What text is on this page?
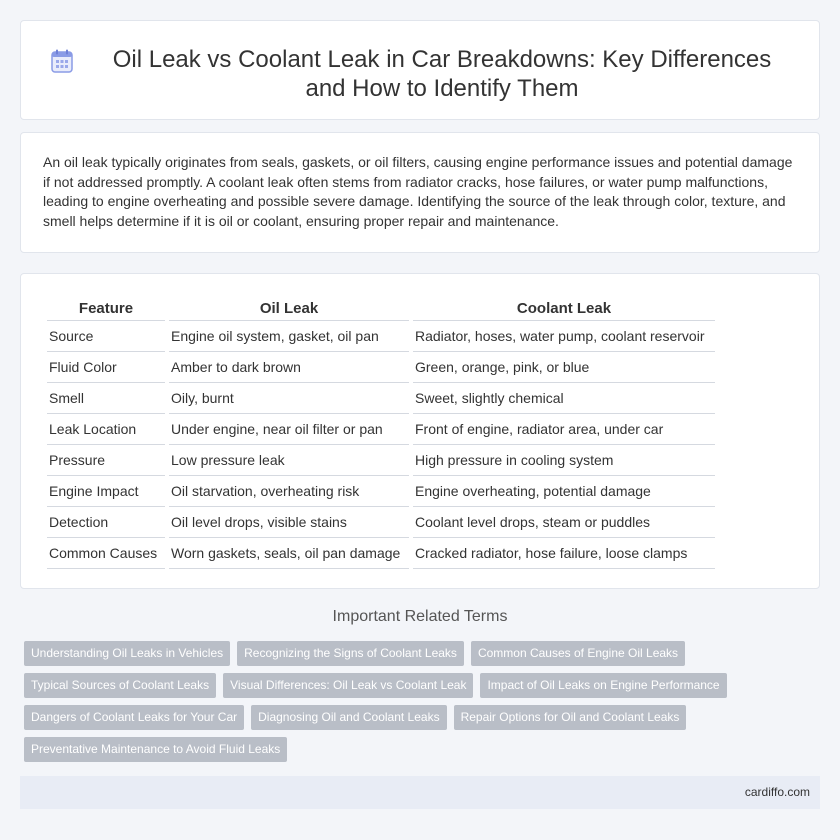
Oil Leak vs Coolant Leak in Car Breakdowns: Key Differences and How to Identify Them

An oil leak typically originates from seals, gaskets, or oil filters, causing engine performance issues and potential damage if not addressed promptly. A coolant leak often stems from radiator cracks, hose failures, or water pump malfunctions, leading to engine overheating and possible severe damage. Identifying the source of the leak through color, texture, and smell helps determine if it is oil or coolant, ensuring proper repair and maintenance.

Feature	Oil Leak	Coolant Leak
Source	Engine oil system, gasket, oil pan	Radiator, hoses, water pump, coolant reservoir
Fluid Color	Amber to dark brown	Green, orange, pink, or blue
Smell	Oily, burnt	Sweet, slightly chemical
Leak Location	Under engine, near oil filter or pan	Front of engine, radiator area, under car
Pressure	Low pressure leak	High pressure in cooling system
Engine Impact	Oil starvation, overheating risk	Engine overheating, potential damage
Detection	Oil level drops, visible stains	Coolant level drops, steam or puddles
Common Causes	Worn gaskets, seals, oil pan damage	Cracked radiator, hose failure, loose clamps
Important Related Terms
Understanding Oil Leaks in Vehicles	Recognizing the Signs of Coolant Leaks	Common Causes of Engine Oil Leaks
Typical Sources of Coolant Leaks	Visual Differences: Oil Leak vs Coolant Leak	Impact of Oil Leaks on Engine Performance
Dangers of Coolant Leaks for Your Car	Diagnosing Oil and Coolant Leaks	Repair Options for Oil and Coolant Leaks
Preventative Maintenance to Avoid Fluid Leaks
cardiffo.com
